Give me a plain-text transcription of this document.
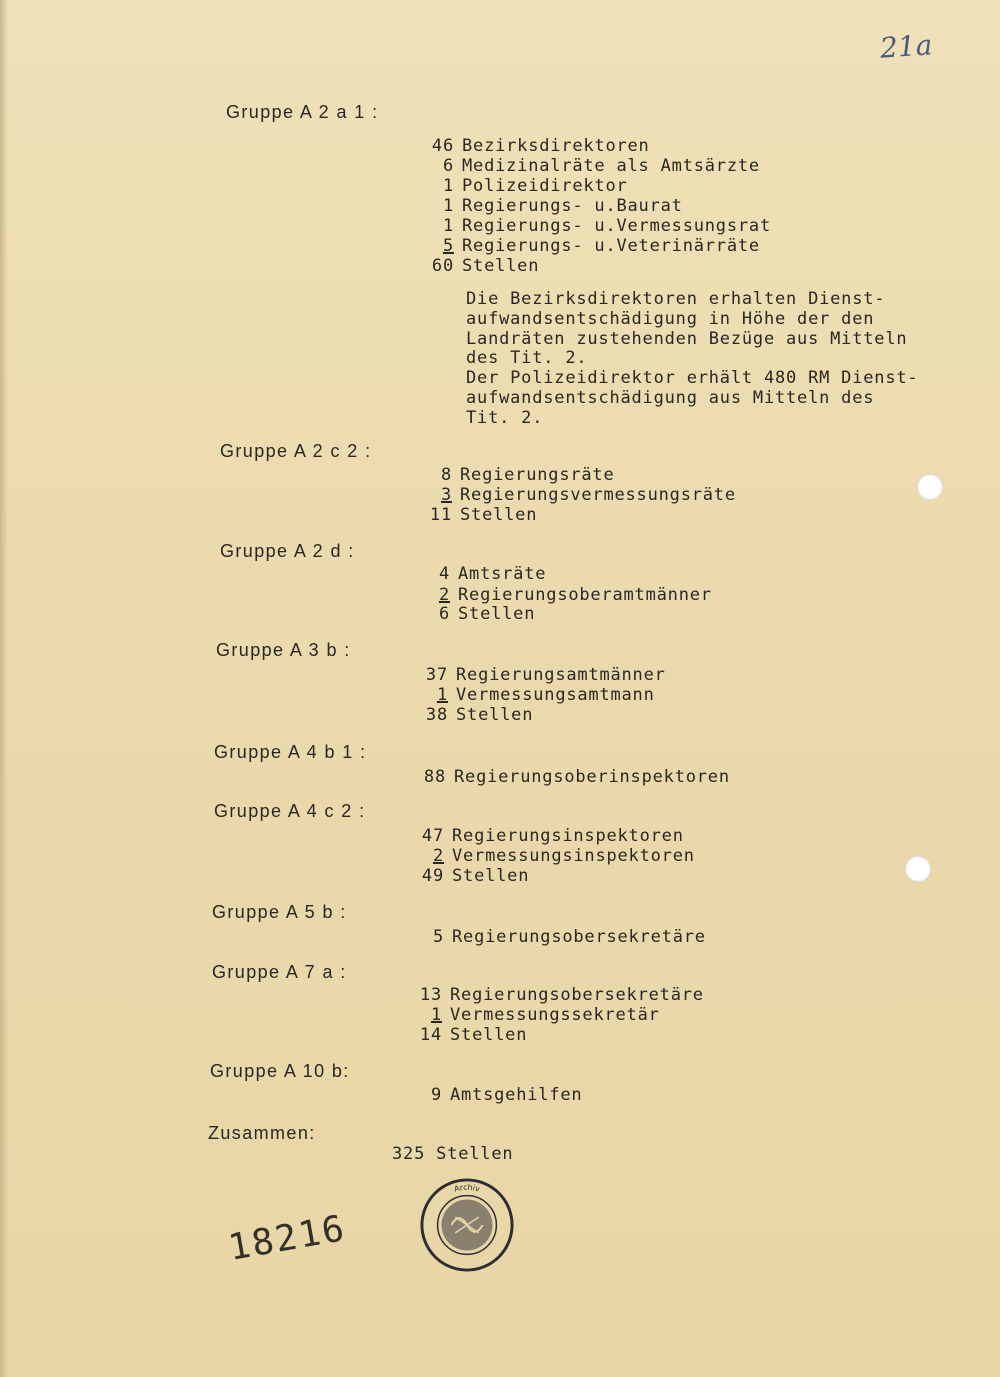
21a
Gruppe A 2 a 1 :
46 Bezirksdirektoren
6 Medizinalräte als Amtsärzte
1 Polizeidirektor
1 Regierungs- u.Baurat
1 Regierungs- u.Vermessungsrat
5 Regierungs- u.Veterinärräte
60 Stellen
Die Bezirksdirektoren erhalten Dienst-
aufwandsentschädigung in Höhe der den
Landräten zustehenden Bezüge aus Mitteln
des Tit. 2.
Der Polizeidirektor erhält 480 RM Dienst-
aufwandsentschädigung aus Mitteln des
Tit. 2.
Gruppe A 2 c 2 :
8 Regierungsräte
3 Regierungsvermessungsräte
11 Stellen
Gruppe A 2 d :
4 Amtsräte
2 Regierungsoberamtmänner
6 Stellen
Gruppe A 3 b :
37 Regierungsamtmänner
1 Vermessungsamtmann
38 Stellen
Gruppe A 4 b 1 :
88 Regierungsoberinspektoren
Gruppe A 4 c 2 :
47 Regierungsinspektoren
2 Vermessungsinspektoren
49 Stellen
Gruppe A 5 b :
5 Regierungsobersekretäre
Gruppe A 7 a :
13 Regierungsobersekretäre
1 Vermessungssekretär
14 Stellen
Gruppe A 10 b:
9 Amtsgehilfen
Zusammen:
325 Stellen
18216
Archiv
